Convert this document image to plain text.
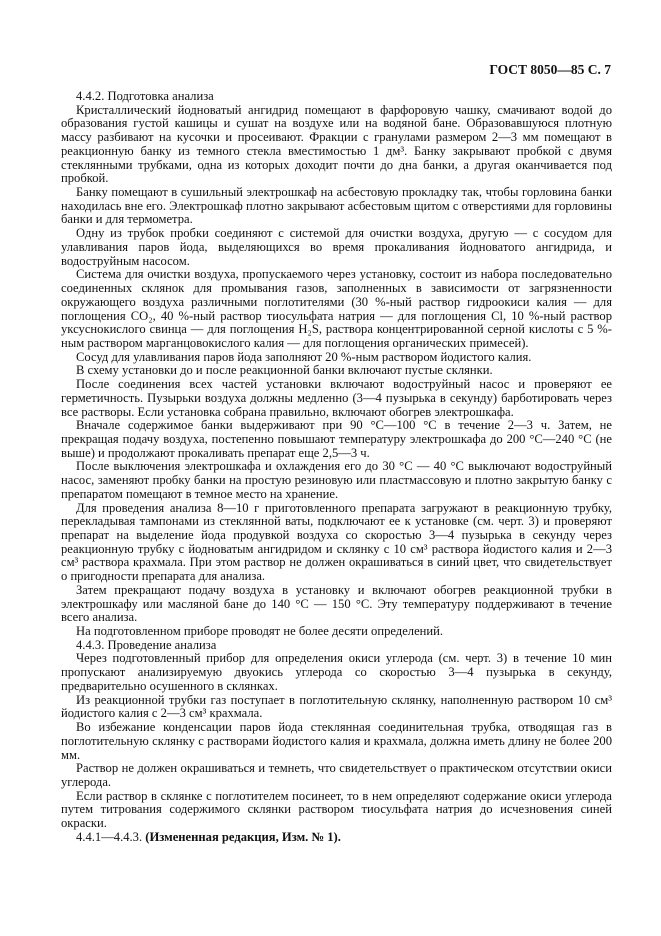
ГОСТ 8050—85 С. 7

4.4.2. Подготовка анализа

Кристаллический йодноватый ангидрид помещают в фарфоровую чашку, смачивают водой до образования густой кашицы и сушат на воздухе или на водяной бане. Образовавшуюся плотную массу разбивают на кусочки и просеивают. Фракции с гранулами размером 2—3 мм помещают в реакционную банку из темного стекла вместимостью 1 дм³. Банку закрывают пробкой с двумя стеклянными трубками, одна из которых доходит почти до дна банки, а другая оканчивается под пробкой.

Банку помещают в сушильный электрошкаф на асбестовую прокладку так, чтобы горловина банки находилась вне его. Электрошкаф плотно закрывают асбестовым щитом с отверстиями для горловины банки и для термометра.

Одну из трубок пробки соединяют с системой для очистки воздуха, другую — с сосудом для улавливания паров йода, выделяющихся во время прокаливания йодноватого ангидрида, и водоструйным насосом.

Система для очистки воздуха, пропускаемого через установку, состоит из набора последовательно соединенных склянок для промывания газов, заполненных в зависимости от загрязненности окружающего воздуха различными поглотителями (30 %-ный раствор гидроокиси калия — для поглощения CO₂, 40 %-ный раствор тиосульфата натрия — для поглощения Cl, 10 %-ный раствор уксуснокислого свинца — для поглощения H₂S, раствора концентрированной серной кислоты с 5 %-ным раствором марганцовокислого калия — для поглощения органических примесей).

Сосуд для улавливания паров йода заполняют 20 %-ным раствором йодистого калия.

В схему установки до и после реакционной банки включают пустые склянки.

После соединения всех частей установки включают водоструйный насос и проверяют ее герметичность. Пузырьки воздуха должны медленно (3—4 пузырька в секунду) барботировать через все растворы. Если установка собрана правильно, включают обогрев электрошкафа.

Вначале содержимое банки выдерживают при 90 °С—100 °С в течение 2—3 ч. Затем, не прекращая подачу воздуха, постепенно повышают температуру электрошкафа до 200 °С—240 °С (не выше) и продолжают прокаливать препарат еще 2,5—3 ч.

После выключения электрошкафа и охлаждения его до 30 °С — 40 °С выключают водоструйный насос, заменяют пробку банки на простую резиновую или пластмассовую и плотно закрытую банку с препаратом помещают в темное место на хранение.

Для проведения анализа 8—10 г приготовленного препарата загружают в реакционную трубку, перекладывая тампонами из стеклянной ваты, подключают ее к установке (см. черт. 3) и проверяют препарат на выделение йода продувкой воздуха со скоростью 3—4 пузырька в секунду через реакционную трубку с йодноватым ангидридом и склянку с 10 см³ раствора йодистого калия и 2—3 см³ раствора крахмала. При этом раствор не должен окрашиваться в синий цвет, что свидетельствует о пригодности препарата для анализа.

Затем прекращают подачу воздуха в установку и включают обогрев реакционной трубки в электрошкафу или масляной бане до 140 °С — 150 °С. Эту температуру поддерживают в течение всего анализа.

На подготовленном приборе проводят не более десяти определений.

4.4.3. Проведение анализа

Через подготовленный прибор для определения окиси углерода (см. черт. 3) в течение 10 мин пропускают анализируемую двуокись углерода со скоростью 3—4 пузырька в секунду, предварительно осушенного в склянках.

Из реакционной трубки газ поступает в поглотительную склянку, наполненную раствором 10 см³ йодистого калия с 2—3 см³ крахмала.

Во избежание конденсации паров йода стеклянная соединительная трубка, отводящая газ в поглотительную склянку с растворами йодистого калия и крахмала, должна иметь длину не более 200 мм.

Раствор не должен окрашиваться и темнеть, что свидетельствует о практическом отсутствии окиси углерода.

Если раствор в склянке с поглотителем посинеет, то в нем определяют содержание окиси углерода путем титрования содержимого склянки раствором тиосульфата натрия до исчезновения синей окраски.

4.4.1—4.4.3. (Измененная редакция, Изм. № 1).
